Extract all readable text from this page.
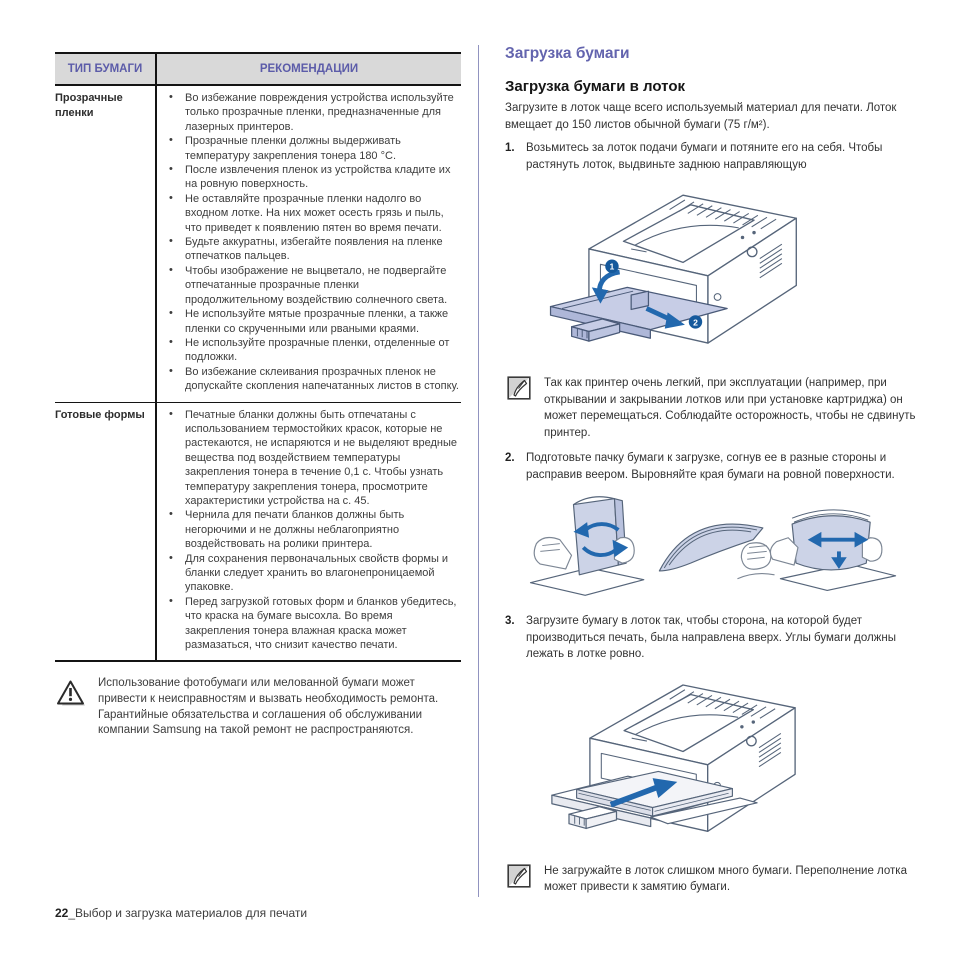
ТИП БУМАГИ	РЕКОМЕНДАЦИИ
Прозрачные пленки
• Во избежание повреждения устройства используйте только прозрачные пленки, предназначенные для лазерных принтеров.
• Прозрачные пленки должны выдерживать температуру закрепления тонера 180 °C.
• После извлечения пленок из устройства кладите их на ровную поверхность.
• Не оставляйте прозрачные пленки надолго во входном лотке. На них может осесть грязь и пыль, что приведет к появлению пятен во время печати.
• Будьте аккуратны, избегайте появления на пленке отпечатков пальцев.
• Чтобы изображение не выцветало, не подвергайте отпечатанные прозрачные пленки продолжительному воздействию солнечного света.
• Не используйте мятые прозрачные пленки, а также пленки со скрученными или рваными краями.
• Не используйте прозрачные пленки, отделенные от подложки.
• Во избежание склеивания прозрачных пленок не допускайте скопления напечатанных листов в стопку.
Готовые формы	• Печатные бланки должны быть отпечатаны с использованием термостойких красок, которые не растекаются, не испаряются и не выделяют вредные вещества под воздействием температуры закрепления тонера в течение 0,1 с. Чтобы узнать температуру закрепления тонера, просмотрите характеристики устройства на с. 45.
• Чернила для печати бланков должны быть негорючими и не должны неблагоприятно воздействовать на ролики принтера.
• Для сохранения первоначальных свойств формы и бланки следует хранить во влагонепроницаемой упаковке.
• Перед загрузкой готовых форм и бланков убедитесь, что краска на бумаге высохла. Во время закрепления тонера влажная краска может размазаться, что снизит качество печати.
Использование фотобумаги или мелованной бумаги может привести к неисправностям и вызвать необходимость ремонта. Гарантийные обязательства и соглашения об обслуживании компании Samsung на такой ремонт не распространяются.
Загрузка бумаги
Загрузка бумаги в лоток

Загрузите в лоток чаще всего используемый материал для печати. Лоток вмещает до 150 листов обычной бумаги (75 г/м²).

1. Возьмитесь за лоток подачи бумаги и потяните его на себя. Чтобы растянуть лоток, выдвиньте заднюю направляющую
1
2
Так как принтер очень легкий, при эксплуатации (например, при открывании и закрывании лотков или при установке картриджа) он может перемещаться. Соблюдайте осторожность, чтобы не сдвинуть принтер.
2. Подготовьте пачку бумаги к загрузке, согнув ее в разные стороны и расправив веером. Выровняйте края бумаги на ровной поверхности.
3. Загрузите бумагу в лоток так, чтобы сторона, на которой будет производиться печать, была направлена вверх. Углы бумаги должны лежать в лотке ровно.
Не загружайте в лоток слишком много бумаги. Переполнение лотка может привести к замятию бумаги.
22_Выбор и загрузка материалов для печати
